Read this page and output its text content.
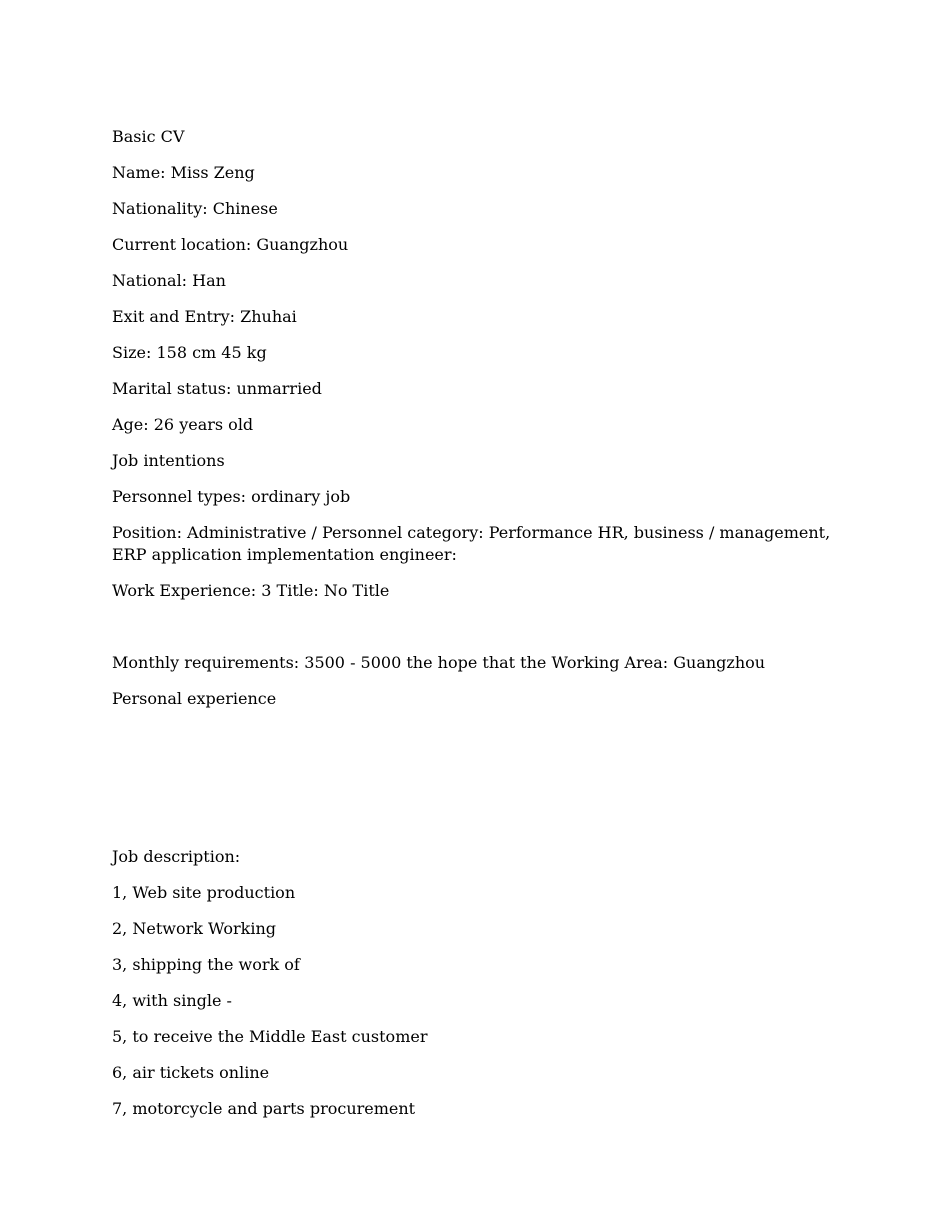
Basic CV

Name: Miss Zeng

Nationality: Chinese

Current location: Guangzhou

National: Han

Exit and Entry: Zhuhai

Size: 158 cm 45 kg

Marital status: unmarried

Age: 26 years old

Job intentions

Personnel types: ordinary job

Position: Administrative / Personnel category: Performance HR, business / management, ERP application implementation engineer:

Work Experience: 3 Title: No Title

Monthly requirements: 3500 - 5000 the hope that the Working Area: Guangzhou

Personal experience

Job description:

1, Web site production

2, Network Working

3, shipping the work of

4, with single -

5, to receive the Middle East customer

6, air tickets online

7, motorcycle and parts procurement
